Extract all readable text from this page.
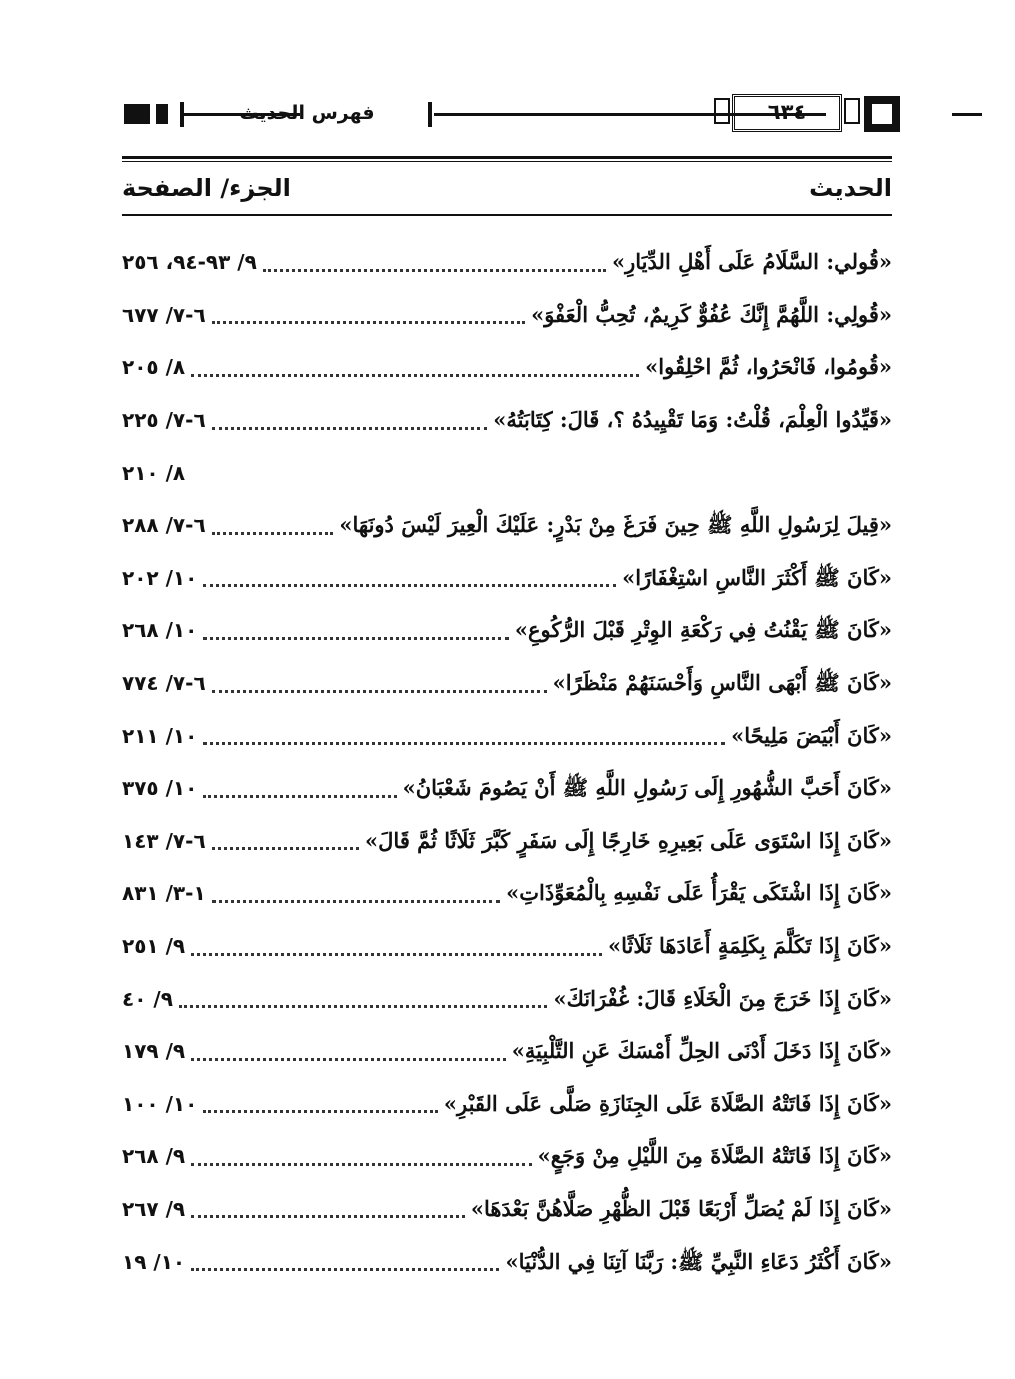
فهرس الحديث	٦٣٤
الحديث
الجزء/ الصفحة
«قُولي: السَّلَامُ عَلَى أَهْلِ الدِّيَارِ»
٩/ ٩٣-٩٤، ٢٥٦
«قُولِي: اللَّهُمَّ إِنَّكَ عُفُوٌّ كَرِيمٌ، تُحِبُّ الْعَفْوَ»
٦-٧/ ٦٧٧
«قُومُوا، فَانْحَرُوا، ثُمَّ احْلِقُوا»
٨/ ٢٠٥
«قَيِّدُوا الْعِلْمَ، قُلْتُ: وَمَا تَقْيِيدُهُ ؟، قَالَ: كِتَابَتُهُ»
٦-٧/ ٢٢٥
٨/ ٢١٠
«قِيلَ لِرَسُولِ اللَّهِ ﷺ حِينَ فَرَغَ مِنْ بَدْرٍ: عَلَيْكَ الْعِيرَ لَيْسَ دُونَهَا»
٦-٧/ ٢٨٨
«كَانَ ﷺ أَكْثَرَ النَّاسِ اسْتِغْفَارًا»
١٠/ ٢٠٢
«كَانَ ﷺ يَقْنُتُ فِي رَكْعَةِ الوِتْرِ قَبْلَ الرُّكُوعِ»
١٠/ ٢٦٨
«كَانَ ﷺ أَبْهَى النَّاسِ وَأَحْسَنَهُمْ مَنْظَرًا»
٦-٧/ ٧٧٤
«كَانَ أَبْيَضَ مَلِيحًا»
١٠/ ٢١١
«كَانَ أَحَبَّ الشُّهُورِ إِلَى رَسُولِ اللَّهِ ﷺ أَنْ يَصُومَ شَعْبَانُ»
١٠/ ٣٧٥
«كَانَ إِذَا اسْتَوَى عَلَى بَعِيرِهِ خَارِجًا إِلَى سَفَرٍ كَبَّرَ ثَلَاثًا ثُمَّ قَالَ»
٦-٧/ ١٤٣
«كَانَ إِذَا اشْتَكَى يَقْرَأُ عَلَى نَفْسِهِ بِالْمُعَوِّذَاتِ»
١-٣/ ٨٣١
«كَانَ إِذَا تَكَلَّمَ بِكَلِمَةٍ أَعَادَهَا ثَلَاثًا»
٩/ ٢٥١
«كَانَ إِذَا خَرَجَ مِنَ الْخَلَاءِ قَالَ: غُفْرَانَكَ»
٩/ ٤٠
«كَانَ إِذَا دَخَلَ أَدْنَى الحِلِّ أَمْسَكَ عَنِ التَّلْبِيَةِ»
٩/ ١٧٩
«كَانَ إِذَا فَاتَتْهُ الصَّلَاةَ عَلَى الجِنَازَةِ صَلَّى عَلَى القَبْرِ»
١٠/ ١٠٠
«كَانَ إِذَا فَاتَتْهُ الصَّلَاةَ مِنَ اللَّيْلِ مِنْ وَجَعٍ»
٩/ ٢٦٨
«كَانَ إِذَا لَمْ يُصَلِّ أَرْبَعًا قَبْلَ الظُّهْرِ صَلَّاهُنَّ بَعْدَهَا»
٩/ ٢٦٧
«كَانَ أَكْثَرُ دَعَاءِ النَّبِيِّ ﷺ: رَبَّنَا آتِنَا فِي الدُّنْيَا»
١٠/ ١٩
